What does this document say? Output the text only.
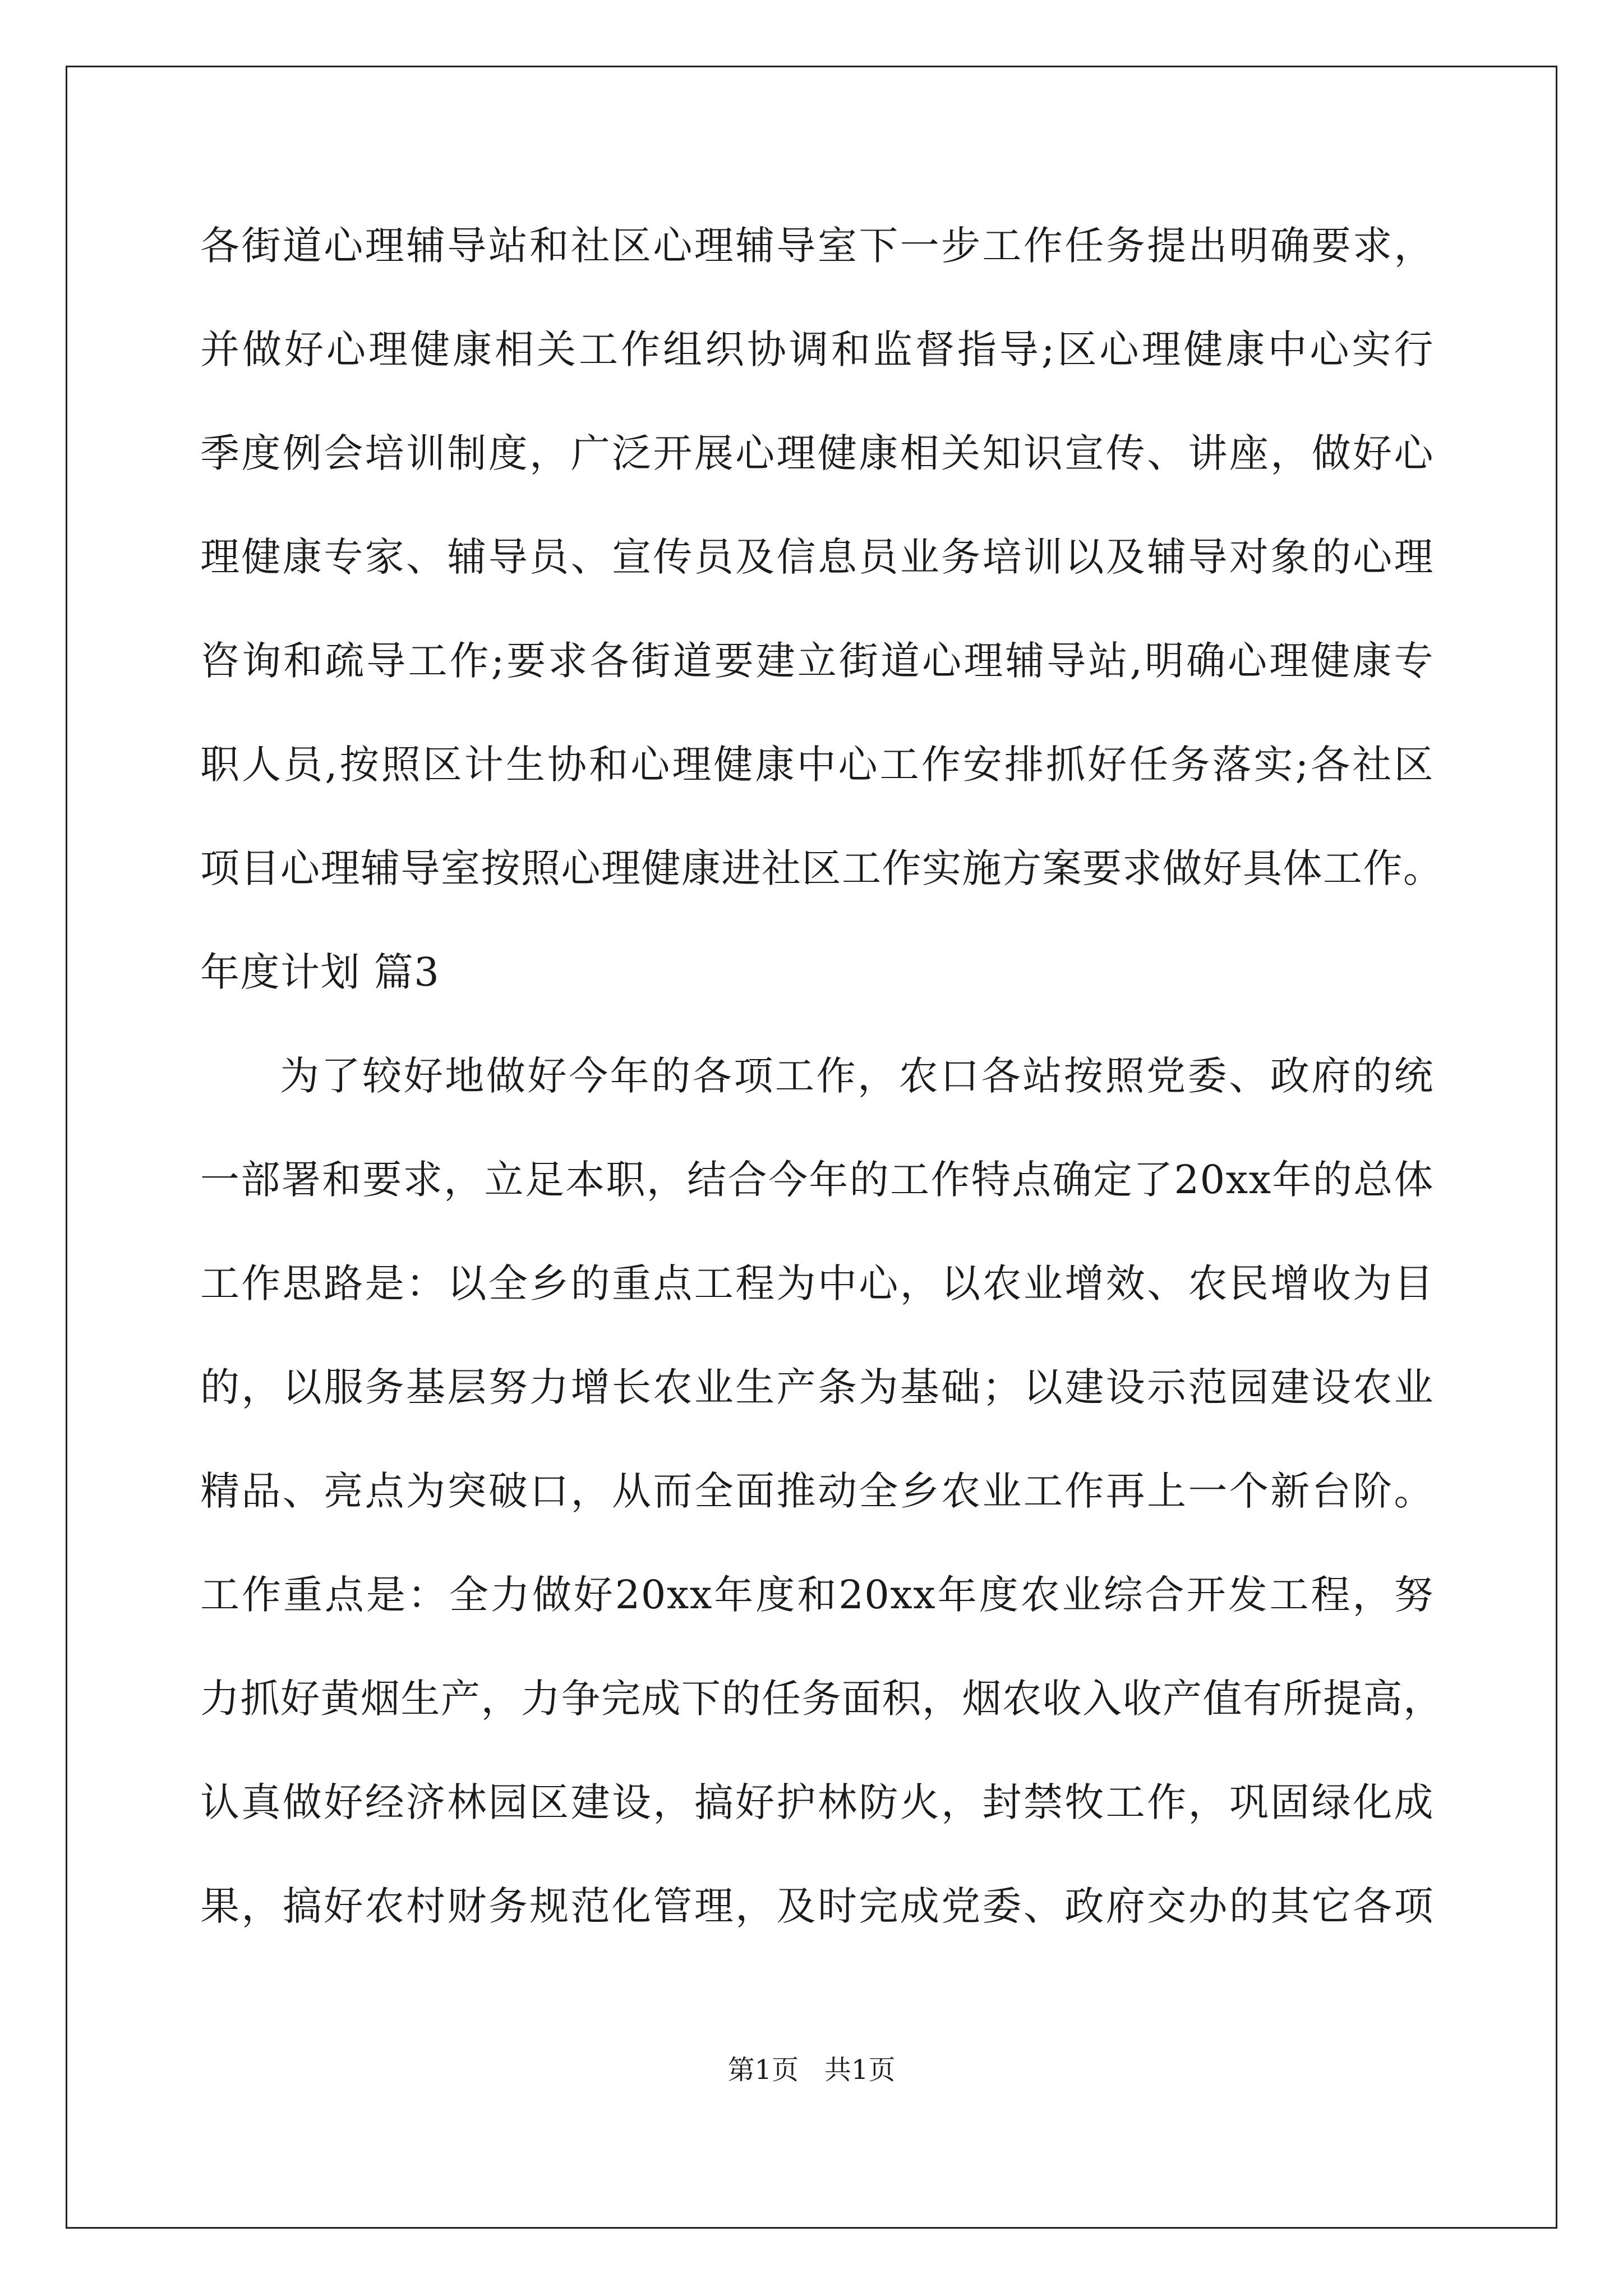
各街道心理辅导站和社区心理辅导室下一步工作任务提出明确要求，
并做好心理健康相关工作组织协调和监督指导;区心理健康中心实行
季度例会培训制度，广泛开展心理健康相关知识宣传、讲座，做好心
理健康专家、辅导员、宣传员及信息员业务培训以及辅导对象的心理
咨询和疏导工作;要求各街道要建立街道心理辅导站,明确心理健康专
职人员,按照区计生协和心理健康中心工作安排抓好任务落实;各社区
项目心理辅导室按照心理健康进社区工作实施方案要求做好具体工作。
年度计划 篇3
为了较好地做好今年的各项工作，农口各站按照党委、政府的统
一部署和要求，立足本职，结合今年的工作特点确定了20xx年的总体
工作思路是：以全乡的重点工程为中心，以农业增效、农民增收为目
的，以服务基层努力增长农业生产条为基础；以建设示范园建设农业
精品、亮点为突破口，从而全面推动全乡农业工作再上一个新台阶。
工作重点是：全力做好20xx年度和20xx年度农业综合开发工程，努
力抓好黄烟生产，力争完成下的任务面积，烟农收入收产值有所提高，
认真做好经济林园区建设，搞好护林防火，封禁牧工作，巩固绿化成
果，搞好农村财务规范化管理，及时完成党委、政府交办的其它各项
第1页   共1页
